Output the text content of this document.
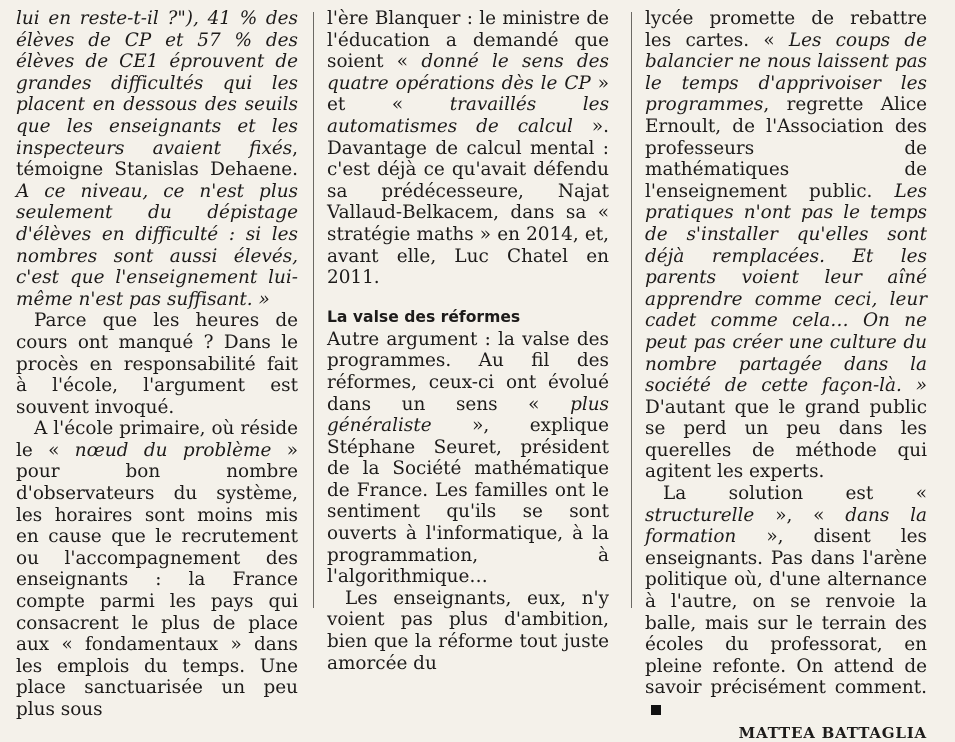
lui en reste-t-il ?"), 41 % des élèves de CP et 57 % des élèves de CE1 éprouvent de grandes difficultés qui les placent en dessous des seuils que les enseignants et les inspecteurs avaient fixés, témoigne Stanislas Dehaene. A ce niveau, ce n'est plus seulement du dépistage d'élèves en difficulté : si les nombres sont aussi élevés, c'est que l'enseignement lui-même n'est pas suffisant. »

Parce que les heures de cours ont manqué ? Dans le procès en responsabilité fait à l'école, l'argument est souvent invoqué.

A l'école primaire, où réside le « nœud du problème » pour bon nombre d'observateurs du système, les horaires sont moins mis en cause que le recrutement ou l'accompagnement des enseignants : la France compte parmi les pays qui consacrent le plus de place aux « fondamentaux » dans les emplois du temps. Une place sanctuarisée un peu plus sous

l'ère Blanquer : le ministre de l'éducation a demandé que soient « donné le sens des quatre opérations dès le CP » et « travaillés les automatismes de calcul ». Davantage de calcul mental : c'est déjà ce qu'avait défendu sa prédécesseure, Najat Vallaud-Belkacem, dans sa « stratégie maths » en 2014, et, avant elle, Luc Chatel en 2011.

La valse des réformes

Autre argument : la valse des programmes. Au fil des réformes, ceux-ci ont évolué dans un sens « plus généraliste », explique Stéphane Seuret, président de la Société mathématique de France. Les familles ont le sentiment qu'ils se sont ouverts à l'informatique, à la programmation, à l'algorithmique…

Les enseignants, eux, n'y voient pas plus d'ambition, bien que la réforme tout juste amorcée du

lycée promette de rebattre les cartes. « Les coups de balancier ne nous laissent pas le temps d'apprivoiser les programmes, regrette Alice Ernoult, de l'Association des professeurs de mathématiques de l'enseignement public. Les pratiques n'ont pas le temps de s'installer qu'elles sont déjà remplacées. Et les parents voient leur aîné apprendre comme ceci, leur cadet comme cela… On ne peut pas créer une culture du nombre partagée dans la société de cette façon-là. » D'autant que le grand public se perd un peu dans les querelles de méthode qui agitent les experts.

La solution est « structurelle », « dans la formation », disent les enseignants. Pas dans l'arène politique où, d'une alternance à l'autre, on se renvoie la balle, mais sur le terrain des écoles du professorat, en pleine refonte. On attend de savoir précisément comment.

MATTEA BATTAGLIA
